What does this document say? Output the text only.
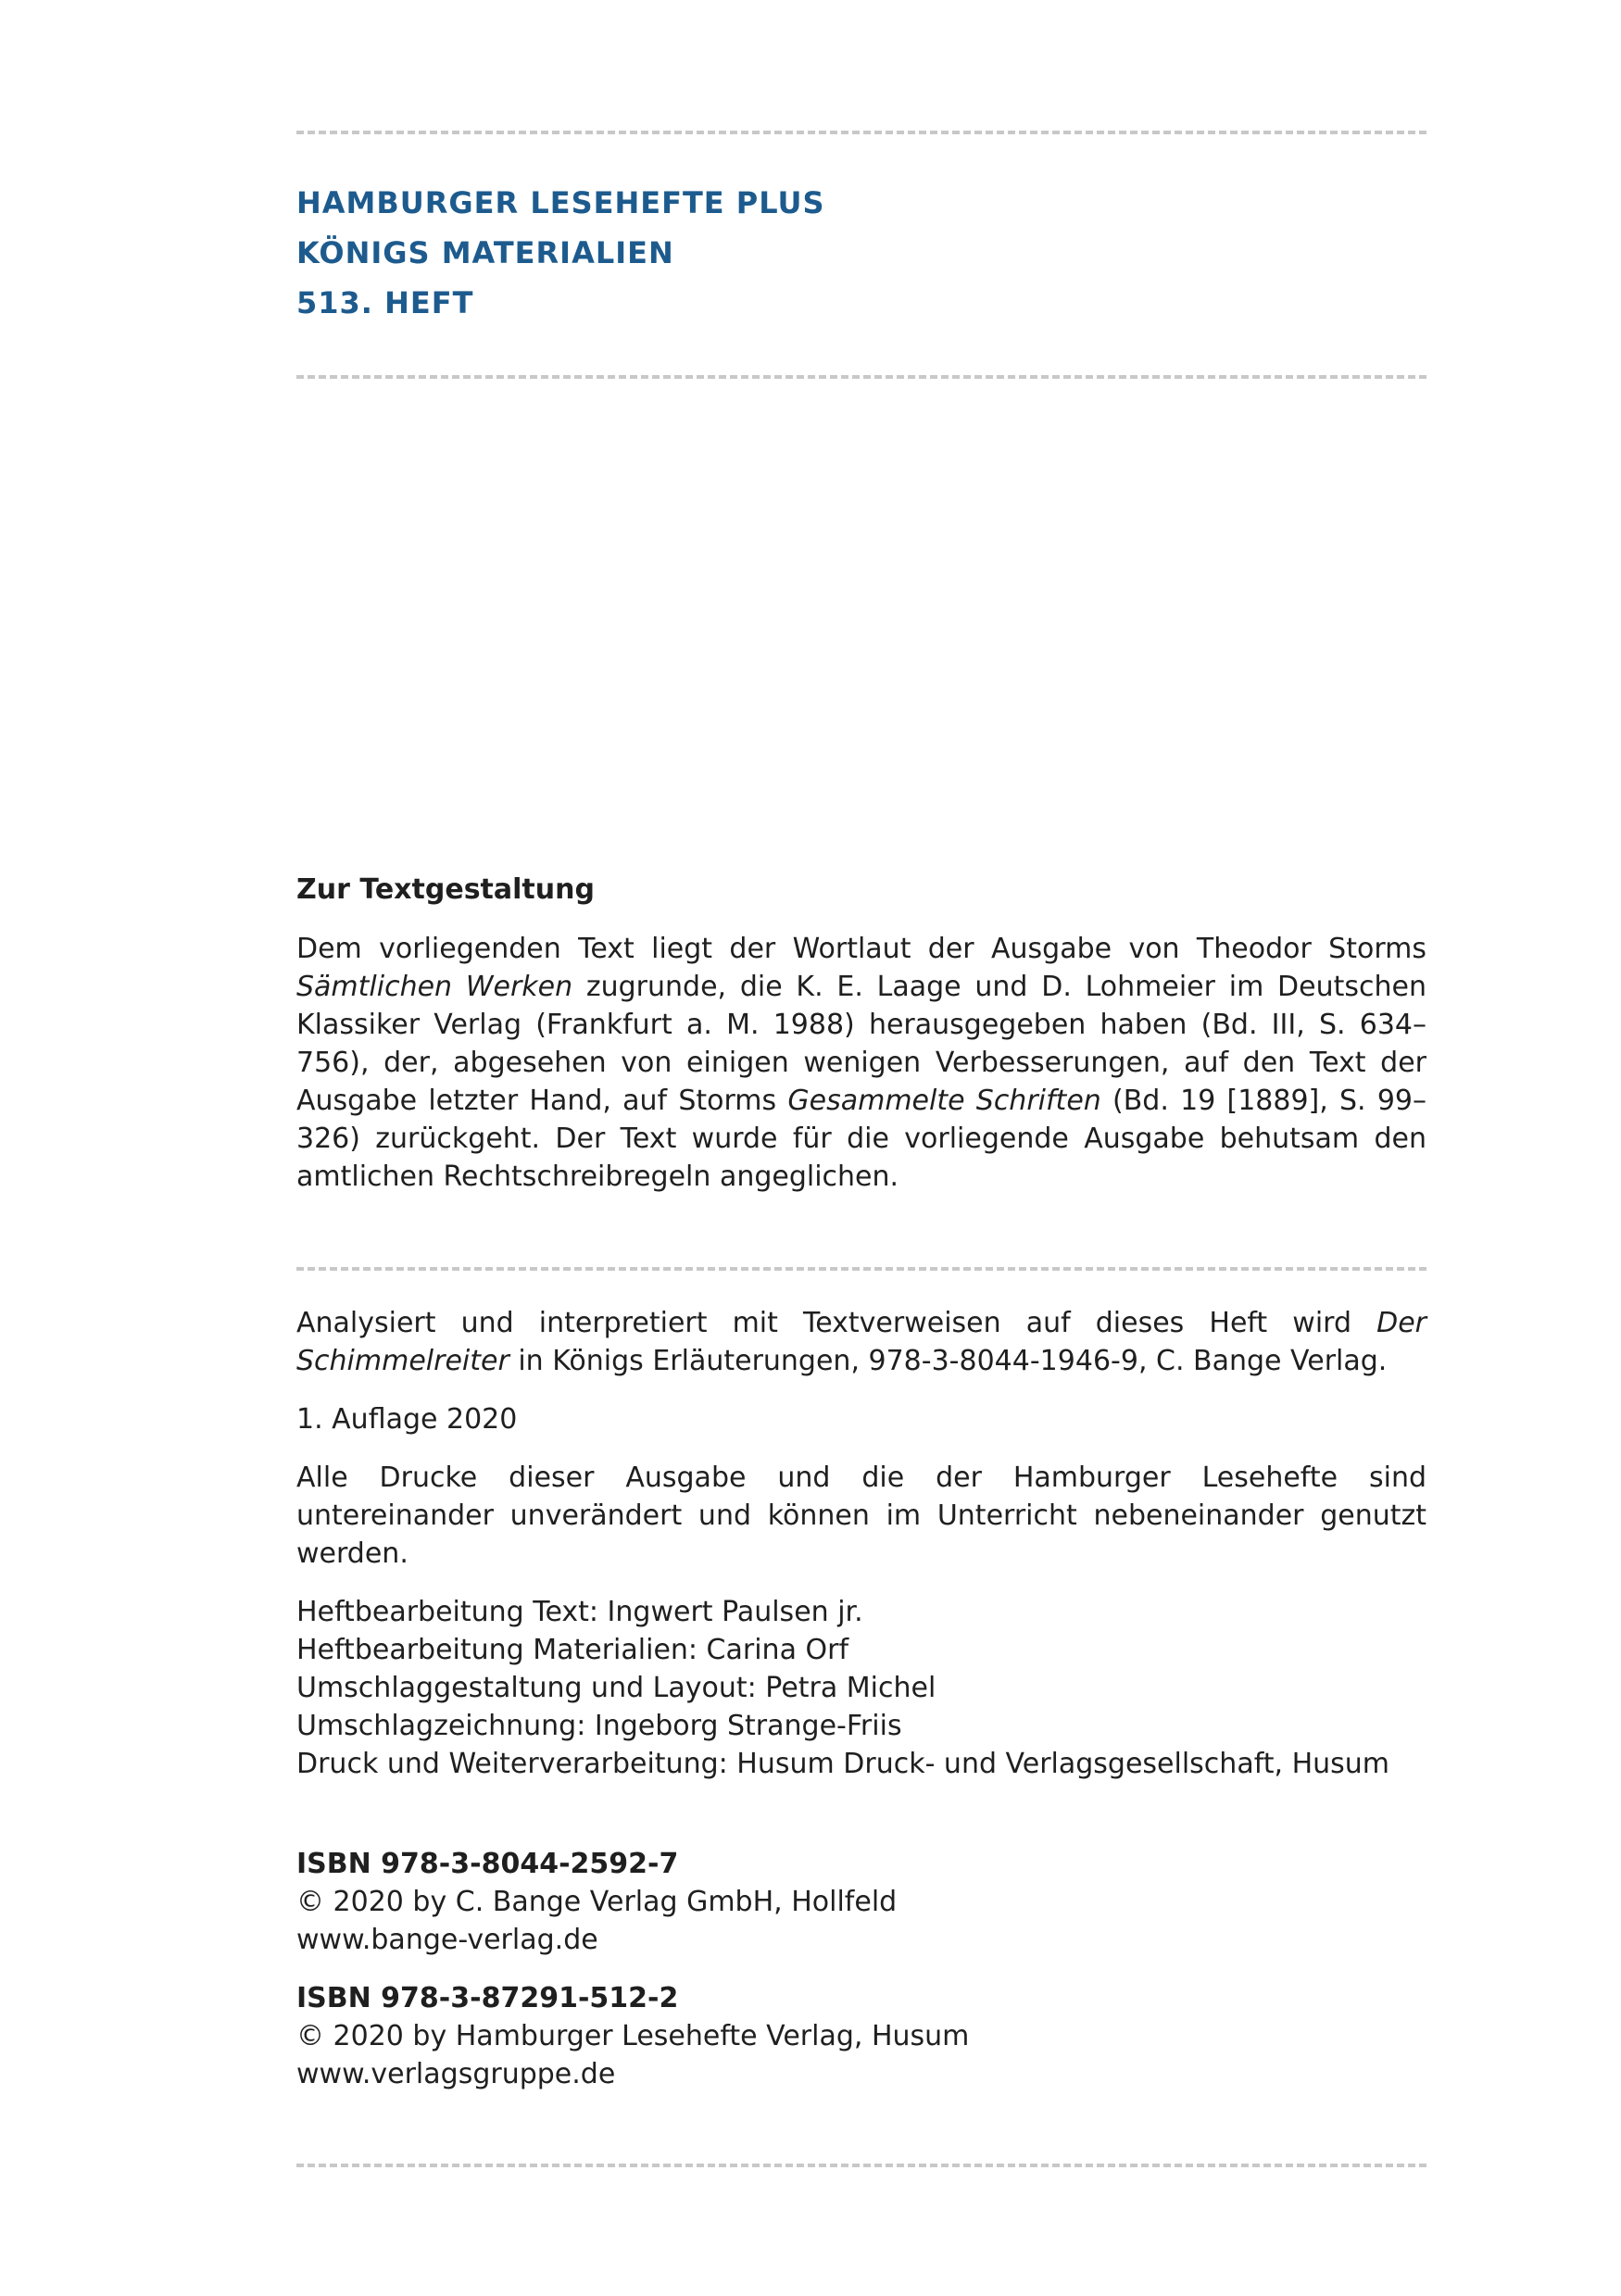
HAMBURGER LESEHEFTE PLUS
KÖNIGS MATERIALIEN
513. HEFT
Zur Textgestaltung

Dem vorliegenden Text liegt der Wortlaut der Ausgabe von Theodor Storms Sämtlichen Werken zugrunde, die K. E. Laage und D. Lohmeier im Deutschen Klassiker Verlag (Frankfurt a. M. 1988) herausgegeben haben (Bd. III, S. 634–756), der, abgesehen von einigen wenigen Verbesserungen, auf den Text der Ausgabe letzter Hand, auf Storms Gesammelte Schriften (Bd. 19 [1889], S. 99–326) zurückgeht. Der Text wurde für die vorliegende Ausgabe behutsam den amtlichen Rechtschreibregeln angeglichen.

Analysiert und interpretiert mit Textverweisen auf dieses Heft wird Der Schimmelreiter in Königs Erläuterungen, 978-3-8044-1946-9, C. Bange Verlag.

1. Auflage 2020

Alle Drucke dieser Ausgabe und die der Hamburger Lesehefte sind untereinander unverändert und können im Unterricht nebeneinander genutzt werden.

Heftbearbeitung Text: Ingwert Paulsen jr.
Heftbearbeitung Materialien: Carina Orf
Umschlaggestaltung und Layout: Petra Michel
Umschlagzeichnung: Ingeborg Strange-Friis
Druck und Weiterverarbeitung: Husum Druck- und Verlagsgesellschaft, Husum
ISBN 978-3-8044-2592-7
© 2020 by C. Bange Verlag GmbH, Hollfeld
www.bange-verlag.de
ISBN 978-3-87291-512-2
© 2020 by Hamburger Lesehefte Verlag, Husum
www.verlagsgruppe.de
